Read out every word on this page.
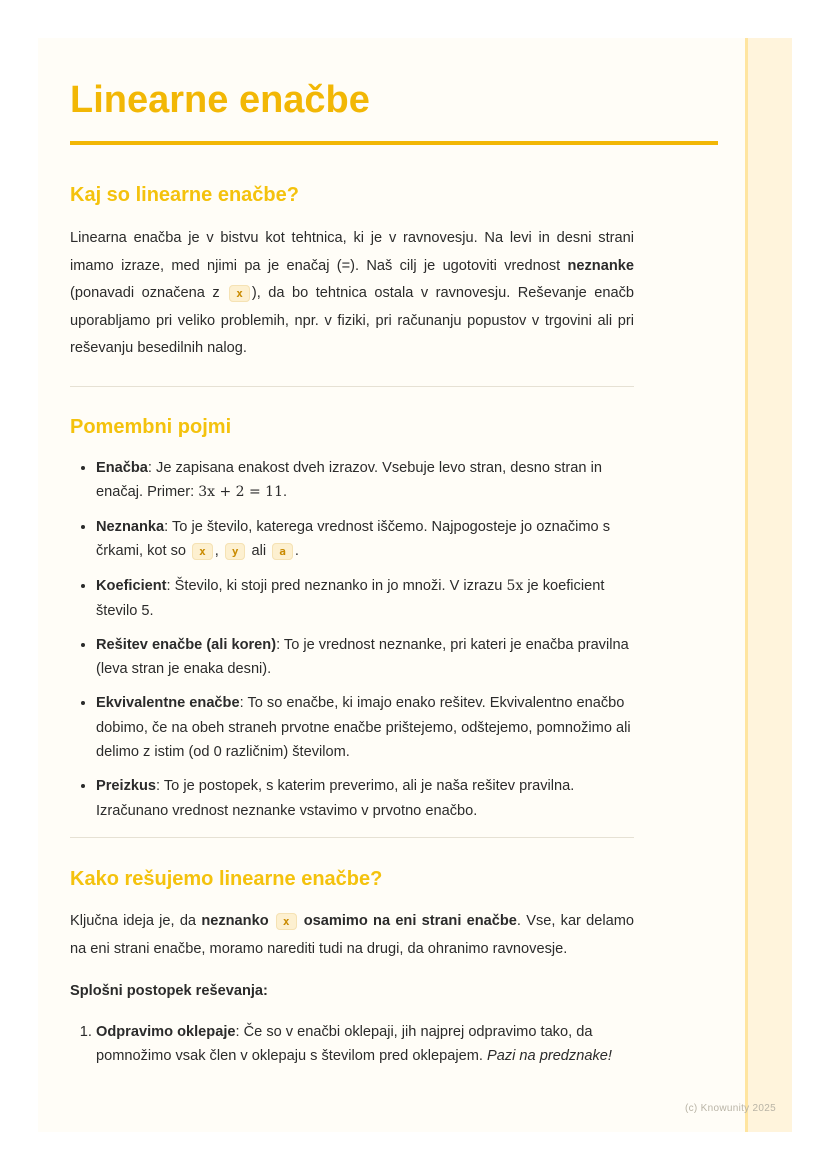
Linearne enačbe
Kaj so linearne enačbe?

Linearna enačba je v bistvu kot tehtnica, ki je v ravnovesju. Na levi in desni strani imamo izraze, med njimi pa je enačaj (=). Naš cilj je ugotoviti vrednost neznanke (ponavadi označena z x ), da bo tehtnica ostala v ravnovesju. Reševanje enačb uporabljamo pri veliko problemih, npr. v fiziki, pri računanju popustov v trgovini ali pri reševanju besedilnih nalog.

Pomembni pojmi
• Enačba: Je zapisana enakost dveh izrazov. Vsebuje levo stran, desno stran in enačaj. Primer: 3x + 2 = 11.
• Neznanka: To je število, katerega vrednost iščemo. Najpogosteje jo označimo s črkami, kot so x , y ali a .
• Koeficient: Število, ki stoji pred neznanko in jo množi. V izrazu 5x je koeficient število 5.
• Rešitev enačbe (ali koren): To je vrednost neznanke, pri kateri je enačba pravilna (leva stran je enaka desni).
• Ekvivalentne enačbe: To so enačbe, ki imajo enako rešitev. Ekvivalentno enačbo dobimo, če na obeh straneh prvotne enačbe prištejemo, odštejemo, pomnožimo ali delimo z istim (od 0 različnim) številom.
• Preizkus: To je postopek, s katerim preverimo, ali je naša rešitev pravilna. Izračunano vrednost neznanke vstavimo v prvotno enačbo.
Kako rešujemo linearne enačbe?

Ključna ideja je, da neznanko x osamimo na eni strani enačbe. Vse, kar delamo na eni strani enačbe, moramo narediti tudi na drugi, da ohranimo ravnovesje.

Splošni postopek reševanja:

1. Odpravimo oklepaje: Če so v enačbi oklepaji, jih najprej odpravimo tako, da pomnožimo vsak člen v oklepaju s številom pred oklepajem. Pazi na predznake!
(c) Knowunity 2025
